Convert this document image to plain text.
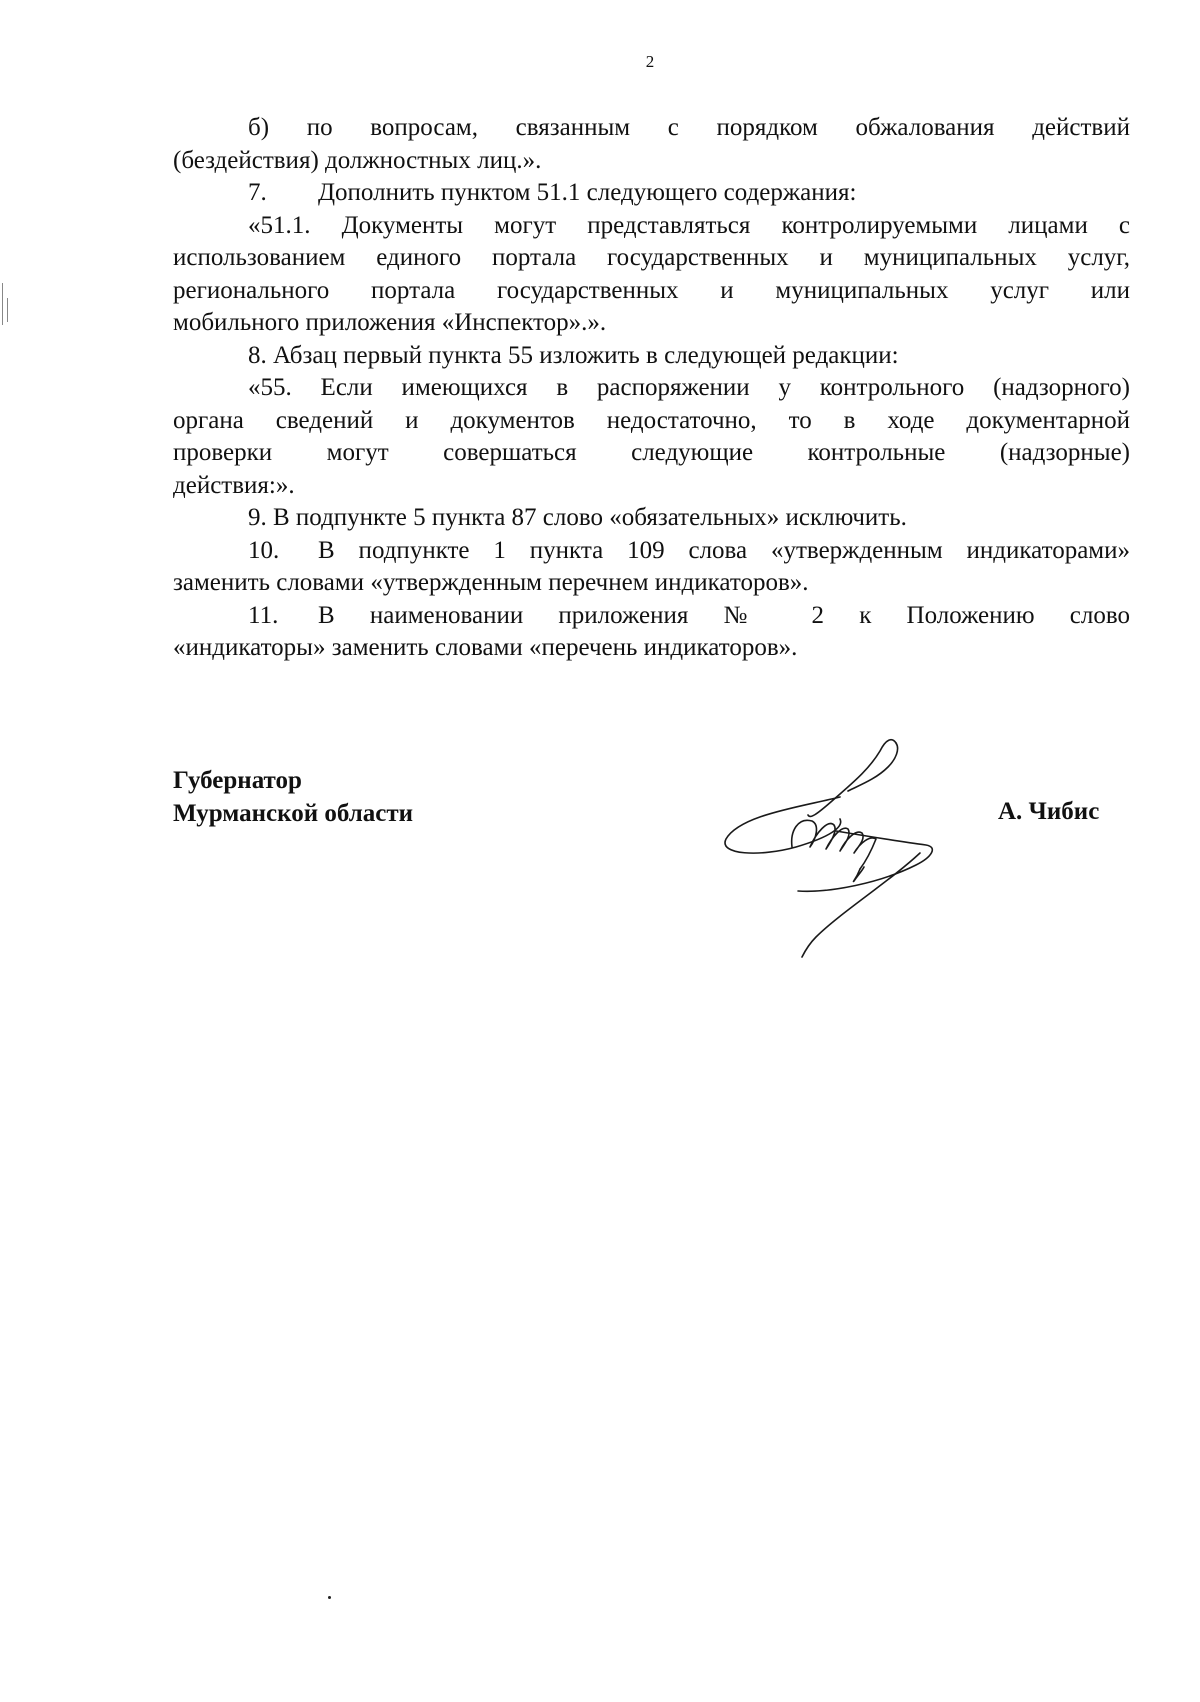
2

б) по вопросам, связанным с порядком обжалования действий

(бездействия) должностных лиц.».

7. Дополнить пунктом 51.1 следующего содержания:

«51.1. Документы могут представляться контролируемыми лицами с

использованием единого портала государственных и муниципальных услуг,

регионального портала государственных и муниципальных услуг или

мобильного приложения «Инспектор».».

8. Абзац первый пункта 55 изложить в следующей редакции:

«55. Если имеющихся в распоряжении у контрольного (надзорного)

органа сведений и документов недостаточно, то в ходе документарной

проверки могут совершаться следующие контрольные (надзорные)

действия:».

9. В подпункте 5 пункта 87 слово «обязательных» исключить.

10. В подпункте 1 пункта 109 слова «утвержденным индикаторами»

заменить словами «утвержденным перечнем индикаторов».

11. В наименовании приложения № 2 к Положению слово

«индикаторы» заменить словами «перечень индикаторов».

Губернатор
Мурманской области	А. Чибис
